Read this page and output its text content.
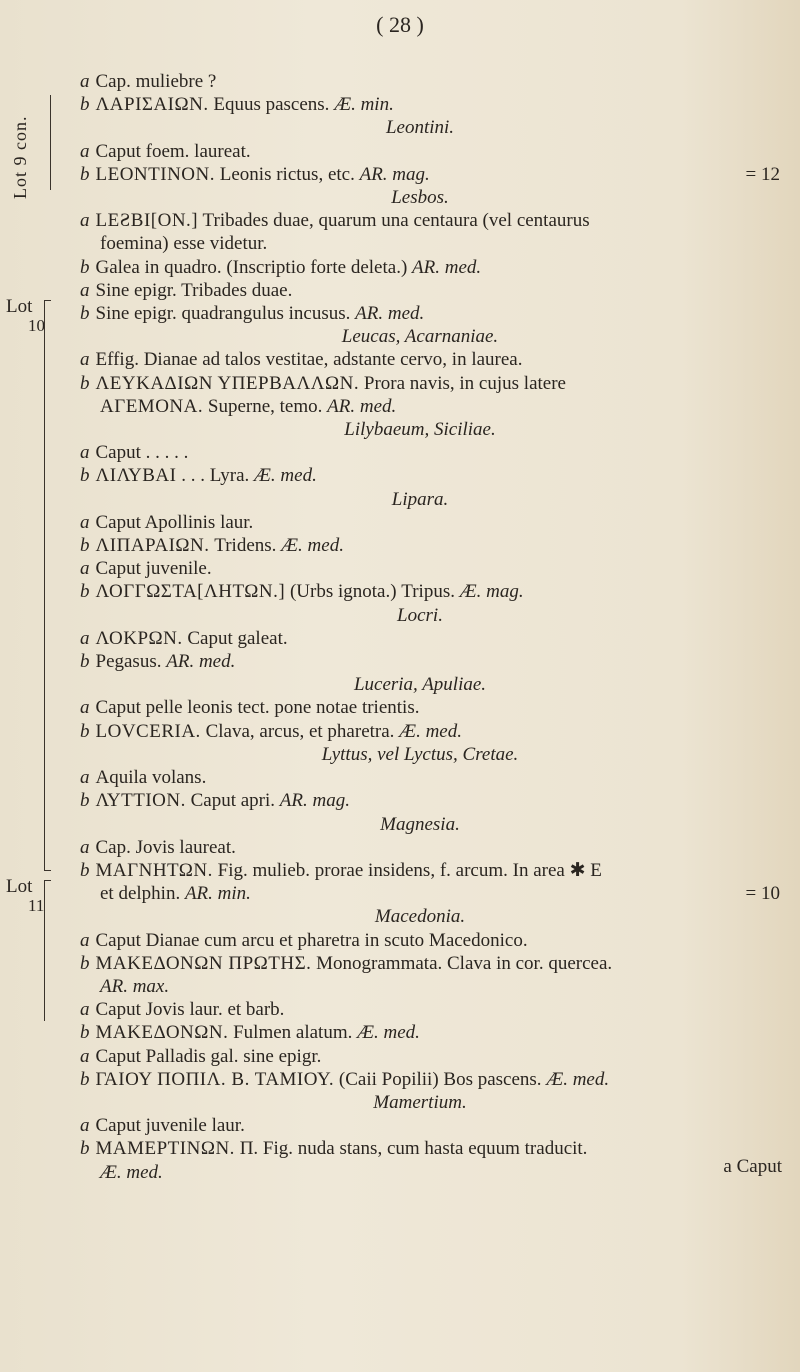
( 28 )
Lot 9 con.
Lot
10
Lot
11
a Cap. muliebre ?
b ΛΑΡΙΣΑΙΩΝ. Equus pascens. Æ. min.
Leontini.
a Caput foem. laureat.
b LEONTINON. Leonis rictus, etc. AR. mag.	= 12
Lesbos.
a LEƧBI[ON.] Tribades duae, quarum una centaura (vel centaurus
foemina) esse videtur.
b Galea in quadro. (Inscriptio forte deleta.) AR. med.
a Sine epigr. Tribades duae.
b Sine epigr. quadrangulus incusus. AR. med.
Leucas, Acarnaniae.
a Effig. Dianae ad talos vestitae, adstante cervo, in laurea.
b ΛΕΥΚΑΔΙΩΝ ΥΠΕΡΒΑΛΛΩΝ. Prora navis, in cujus latere
ΑΓΕΜΟΝΑ. Superne, temo. AR. med.
Lilybaeum, Siciliae.
a Caput . . . . .
b ΛΙΛΥΒΑΙ . . . Lyra. Æ. med.
Lipara.
a Caput Apollinis laur.
b ΛΙΠΑΡΑΙΩΝ. Tridens. Æ. med.
a Caput juvenile.
b ΛΟΓΓΩΣΤΑ[ΛΗΤΩΝ.] (Urbs ignota.) Tripus. Æ. mag.
Locri.
a ΛΟΚΡΩΝ. Caput galeat.
b Pegasus. AR. med.
Luceria, Apuliae.
a Caput pelle leonis tect. pone notae trientis.
b LOVCERIA. Clava, arcus, et pharetra. Æ. med.
Lyttus, vel Lyctus, Cretae.
a Aquila volans.
b ΛΥΤΤΙΟΝ. Caput apri. AR. mag.
Magnesia.
a Cap. Jovis laureat.
b ΜΑΓΝΗΤΩΝ. Fig. mulieb. prorae insidens, f. arcum. In area ✱ E
et delphin. AR. min.	= 10
Macedonia.
a Caput Dianae cum arcu et pharetra in scuto Macedonico.
b ΜΑΚΕΔΟΝΩΝ ΠΡΩΤΗΣ. Monogrammata. Clava in cor. quercea.
AR. max.
a Caput Jovis laur. et barb.
b ΜΑΚΕΔΟΝΩΝ. Fulmen alatum. Æ. med.
a Caput Palladis gal. sine epigr.
b ΓΑΙΟΥ ΠΟΠΙΛ. Β. ΤΑΜΙΟΥ. (Caii Popilii) Bos pascens. Æ. med.
Mamertium.
a Caput juvenile laur.
b ΜΑΜΕΡΤΙΝΩΝ. Π. Fig. nuda stans, cum hasta equum traducit.
Æ. med.	a Caput
